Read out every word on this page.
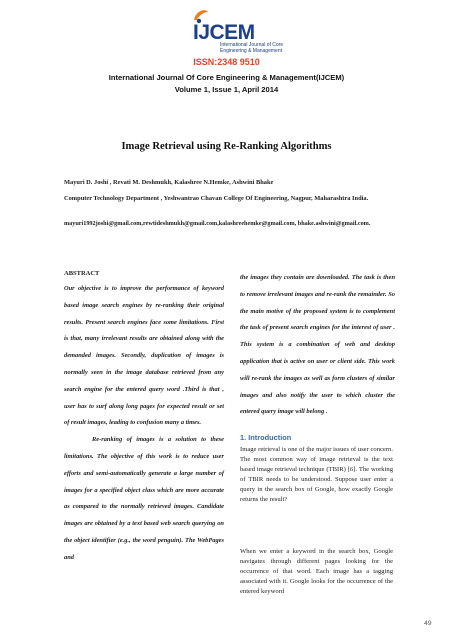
IJCEM
International Journal of Core
Engineering & Management
ISSN:2348 9510
International Journal Of Core Engineering & Management(IJCEM)
Volume 1, Issue 1, April 2014
Image Retrieval using Re-Ranking Algorithms
Mayuri D. Joshi , Revati M. Deshmukh, Kalashree N.Hemke, Ashwini Bhake
Computer Technology Department , Yeshwantrao Chavan College Of Engineering, Nagpur, Maharashtra India.
mayuri1992joshi@gmail.com,rewtideshmukh@gmail.com,kalashreehemke@gmail.com, bhake.ashwini@gmail.com.
ABSTRACT

Our objective is to improve the performance of keyword based image search engines by re-ranking their original results. Present search engines face some limitations. First is that, many irrelevant results are obtained along with the demanded images. Secondly, duplication of images is normally seen in the image database retrieved from any search engine for the entered query word .Third is that , user has to surf along long pages for expected result or set of result images, leading to confusion many a times.

Re-ranking of images is a solution to these limitations. The objective of this work is to reduce user efforts and semi-automatically generate a large number of images for a specified object class which are more accurate as compared to the normally retrieved images. Candidate images are obtained by a text based web search querying on the object identifier (e.g., the word penguin). The WebPages and

the images they contain are downloaded. The task is then to remove irrelevant images and re-rank the remainder. So the main motive of the proposed system is to complement the task of present search engines for the interest of user . This system is a combination of web and desktop application that is active on user or client side. This work will re-rank the images as well as form clusters of similar images and also notify the user to which cluster the entered query image will belong .

1. Introduction

Image retrieval is one of the major issues of user concern. The most common way of image retrieval is the text based image retrieval technique (TBIR) [6]. The working of TBIR needs to be understood. Suppose user enter a query in the search box of Google, how exactly Google returns the result?

When we enter a keyword in the search box, Google navigates through different pages looking for the occurrence of that word. Each image has a tagging associated with it. Google looks for the occurrence of the entered keyword

49
